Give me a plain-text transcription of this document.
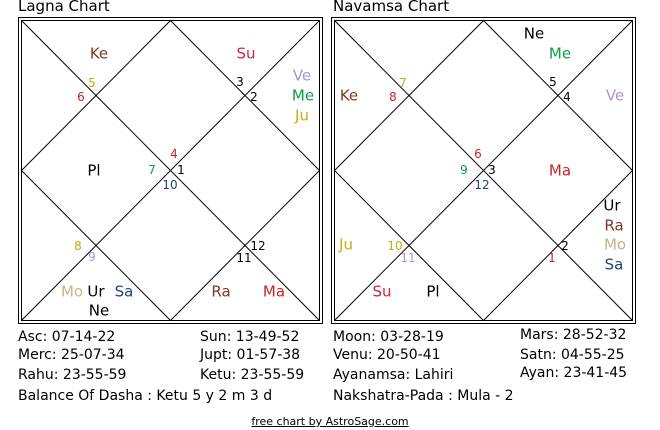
Lagna Chart
4
1
7
10
3
2
5
6
8
9
12
11
Ke	Su
Ve
Me
Ju
Pl
Mo Ur Sa
Ne
Ra Ma
Navamsa Chart
6
3
9
12
5
4
7
8
10
11
2
1
Ne
Me
Ke	Ve
Ma
Ur
Ra
Mo
Sa
Ju
Su Pl
Asc: 07-14-22	Sun: 13-49-52 Moon: 03-28-19	Mars: 28-52-32
Merc: 25-07-34	Jupt: 01-57-38 Venu: 20-50-41	Satn: 04-55-25
Rahu: 23-55-59	Ketu: 23-55-59 Ayanamsa: Lahiri	Ayan: 23-41-45
Balance Of Dasha : Ketu 5 y 2 m 3 d	Nakshatra-Pada : Mula - 2
free chart by AstroSage.com
